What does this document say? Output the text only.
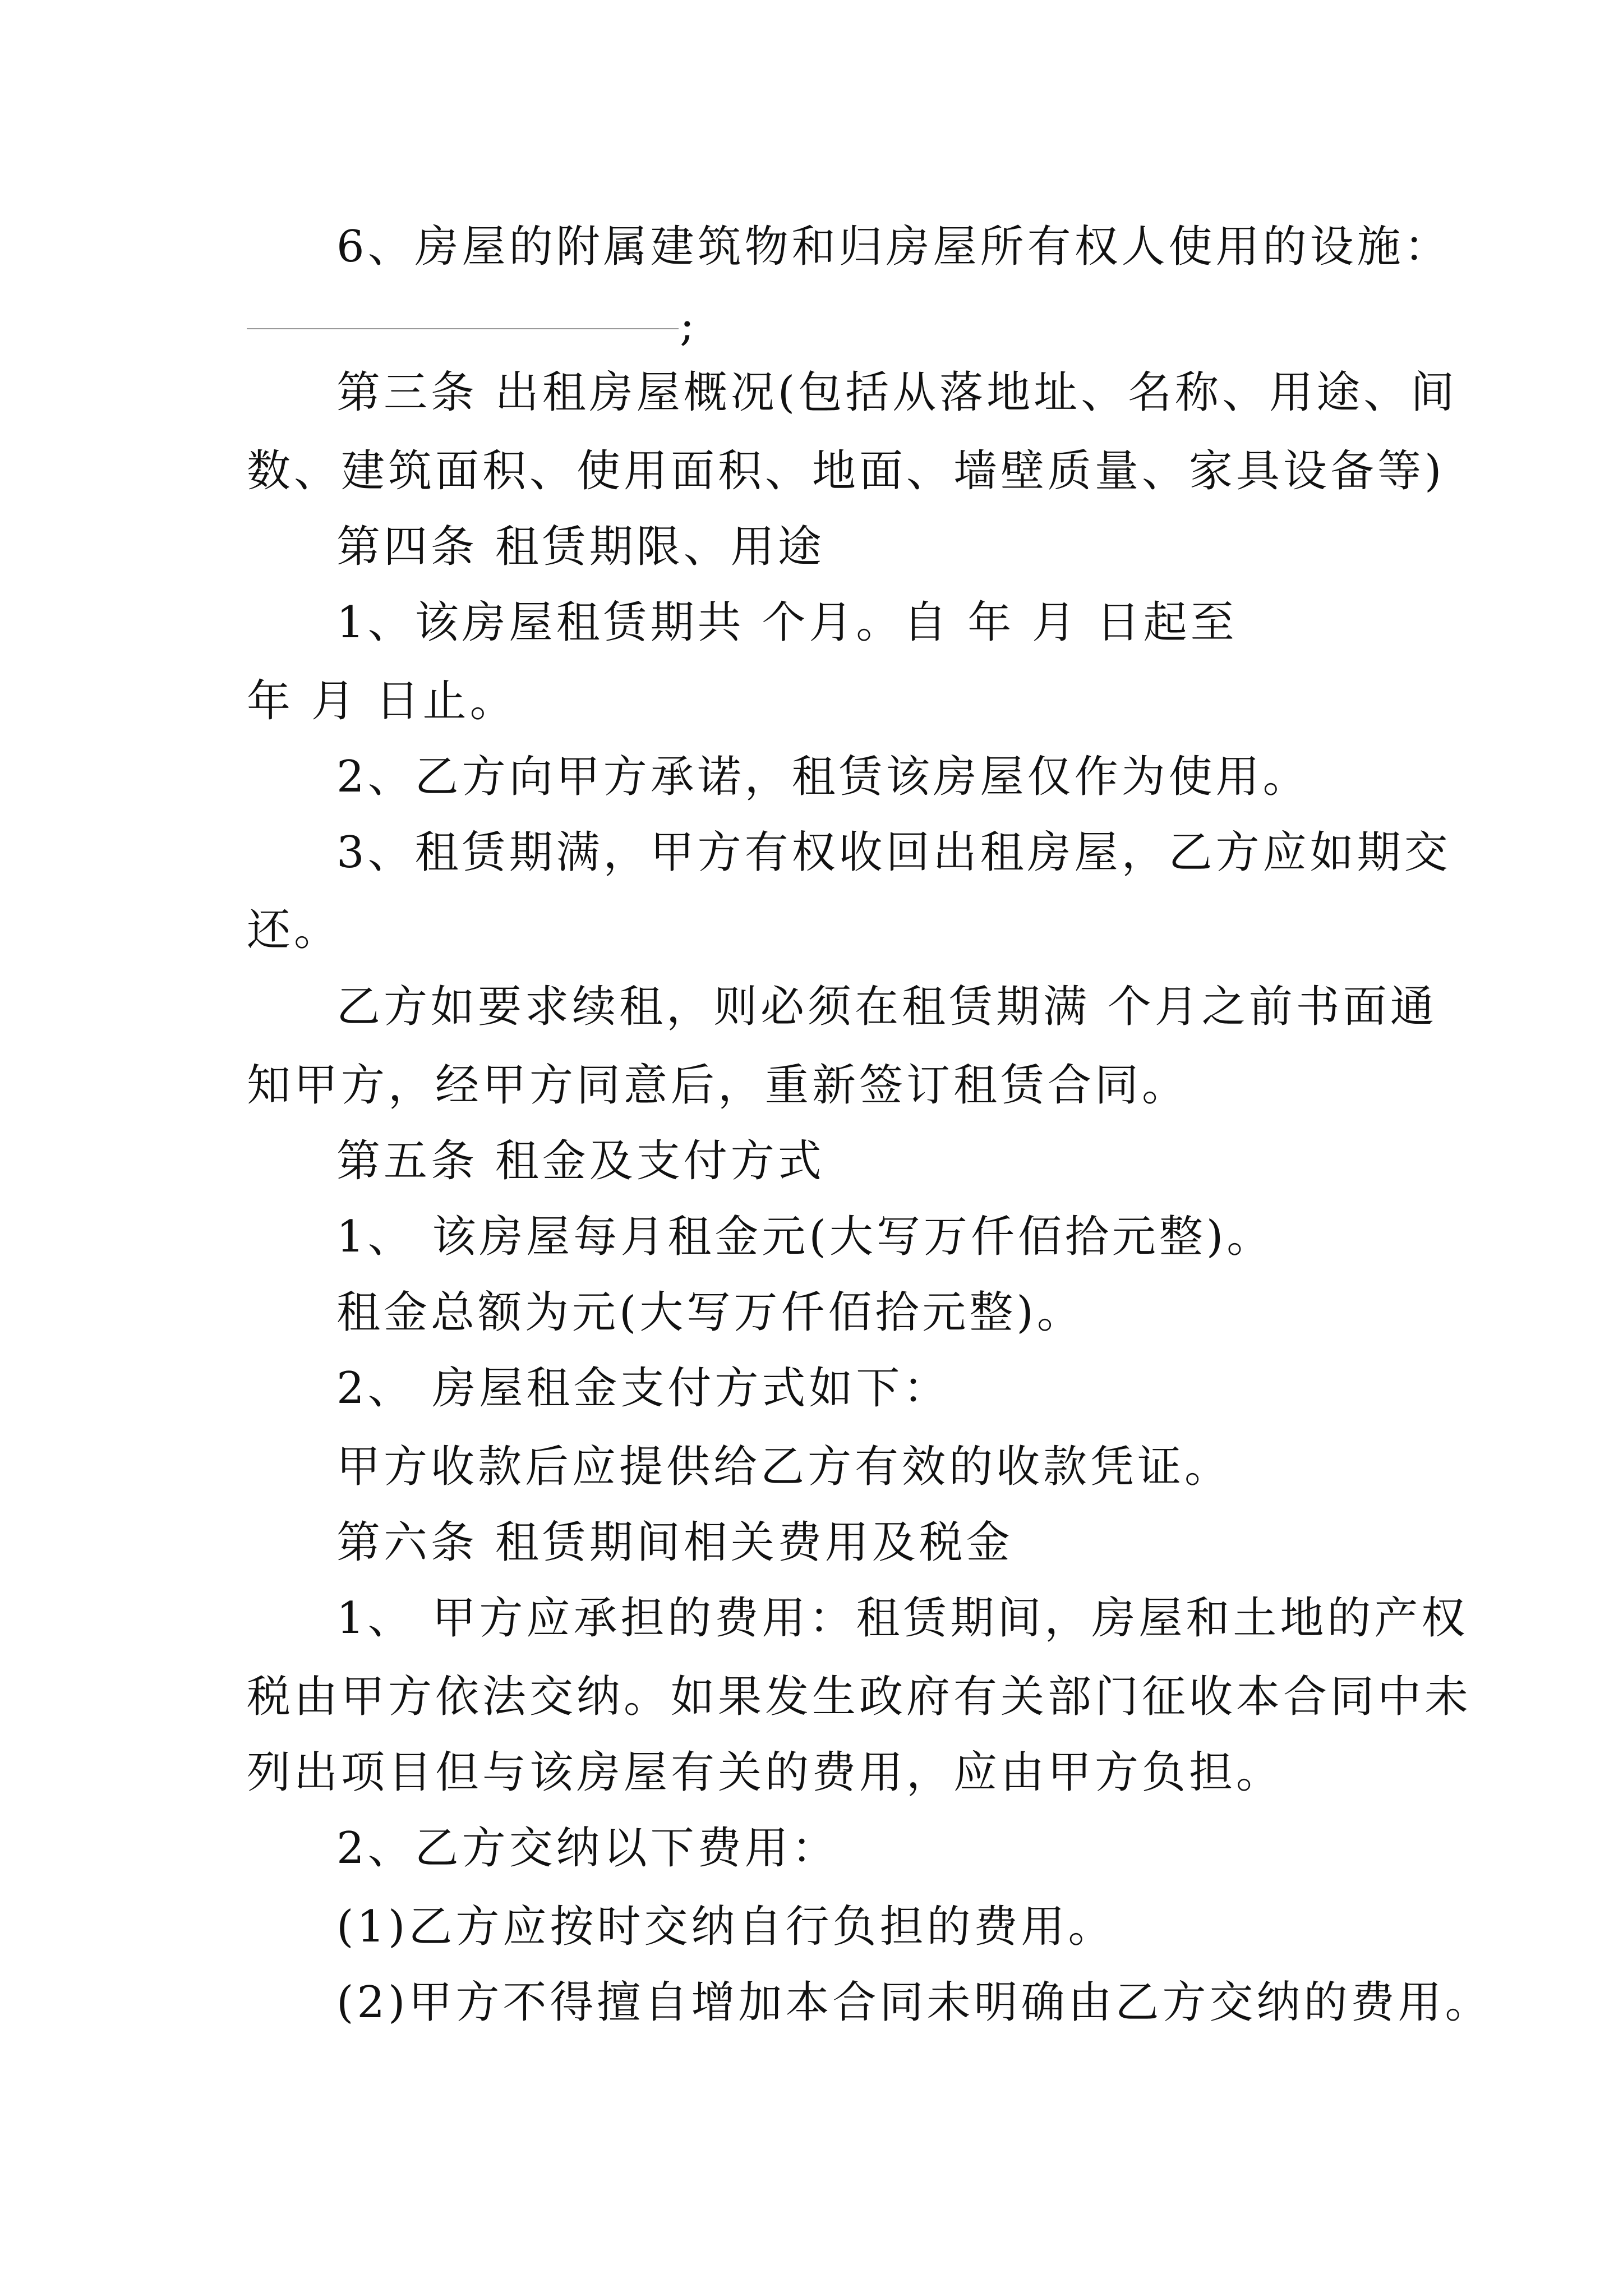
6、房屋的附属建筑物和归房屋所有权人使用的设施：
;
第三条 出租房屋概况(包括从落地址、名称、用途、间
数、建筑面积、使用面积、地面、墙壁质量、家具设备等)
第四条 租赁期限、用途
1、该房屋租赁期共 个月。自 年 月 日起至
年 月 日止。
2、乙方向甲方承诺，租赁该房屋仅作为使用。
3、租赁期满，甲方有权收回出租房屋，乙方应如期交
还。
乙方如要求续租，则必须在租赁期满 个月之前书面通
知甲方，经甲方同意后，重新签订租赁合同。
第五条 租金及支付方式
1、 该房屋每月租金元(大写万仟佰拾元整)。
租金总额为元(大写万仟佰拾元整)。
2、 房屋租金支付方式如下：
甲方收款后应提供给乙方有效的收款凭证。
第六条 租赁期间相关费用及税金
1、 甲方应承担的费用：租赁期间，房屋和土地的产权
税由甲方依法交纳。如果发生政府有关部门征收本合同中未
列出项目但与该房屋有关的费用，应由甲方负担。
2、乙方交纳以下费用：
(1)乙方应按时交纳自行负担的费用。
(2)甲方不得擅自增加本合同未明确由乙方交纳的费用。
